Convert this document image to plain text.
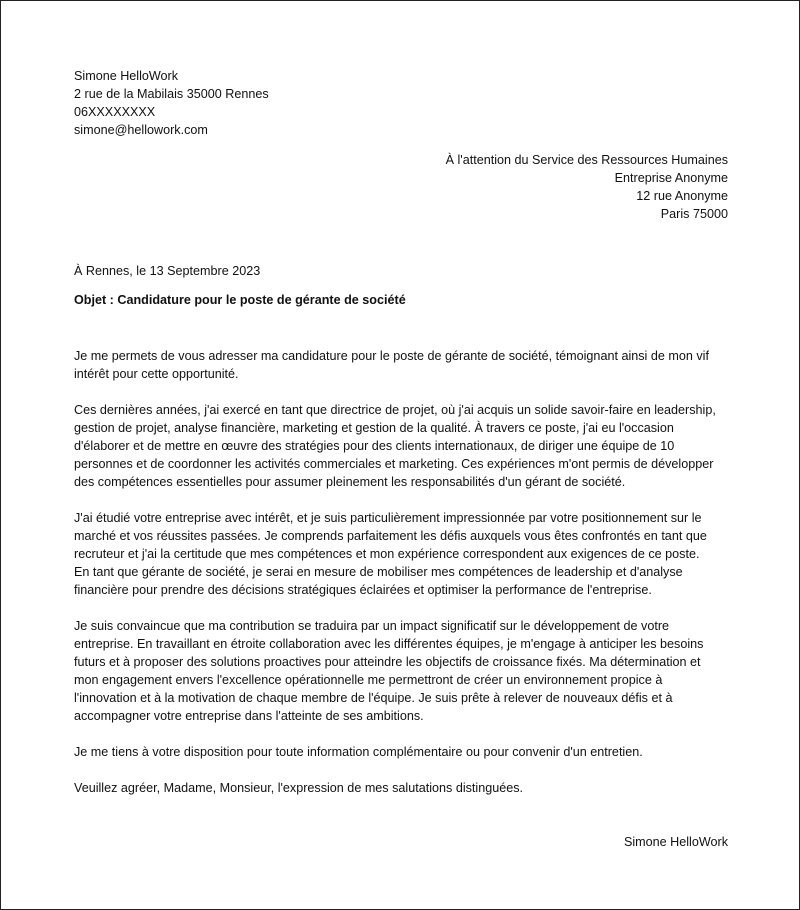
Simone HelloWork
2 rue de la Mabilais 35000 Rennes
06XXXXXXXX
simone@hellowork.com
À l'attention du Service des Ressources Humaines
Entreprise Anonyme
12 rue Anonyme
Paris 75000
À Rennes, le 13 Septembre 2023
Objet : Candidature pour le poste de gérante de société
Je me permets de vous adresser ma candidature pour le poste de gérante de société, témoignant ainsi de mon vif
intérêt pour cette opportunité.
Ces dernières années, j'ai exercé en tant que directrice de projet, où j'ai acquis un solide savoir-faire en leadership,
gestion de projet, analyse financière, marketing et gestion de la qualité. À travers ce poste, j'ai eu l'occasion
d'élaborer et de mettre en œuvre des stratégies pour des clients internationaux, de diriger une équipe de 10
personnes et de coordonner les activités commerciales et marketing. Ces expériences m'ont permis de développer
des compétences essentielles pour assumer pleinement les responsabilités d'un gérant de société.
J'ai étudié votre entreprise avec intérêt, et je suis particulièrement impressionnée par votre positionnement sur le
marché et vos réussites passées. Je comprends parfaitement les défis auxquels vous êtes confrontés en tant que
recruteur et j'ai la certitude que mes compétences et mon expérience correspondent aux exigences de ce poste.
En tant que gérante de société, je serai en mesure de mobiliser mes compétences de leadership et d'analyse
financière pour prendre des décisions stratégiques éclairées et optimiser la performance de l'entreprise.
Je suis convaincue que ma contribution se traduira par un impact significatif sur le développement de votre
entreprise. En travaillant en étroite collaboration avec les différentes équipes, je m'engage à anticiper les besoins
futurs et à proposer des solutions proactives pour atteindre les objectifs de croissance fixés. Ma détermination et
mon engagement envers l'excellence opérationnelle me permettront de créer un environnement propice à
l'innovation et à la motivation de chaque membre de l'équipe. Je suis prête à relever de nouveaux défis et à
accompagner votre entreprise dans l'atteinte de ses ambitions.
Je me tiens à votre disposition pour toute information complémentaire ou pour convenir d'un entretien.
Veuillez agréer, Madame, Monsieur, l'expression de mes salutations distinguées.
Simone HelloWork
